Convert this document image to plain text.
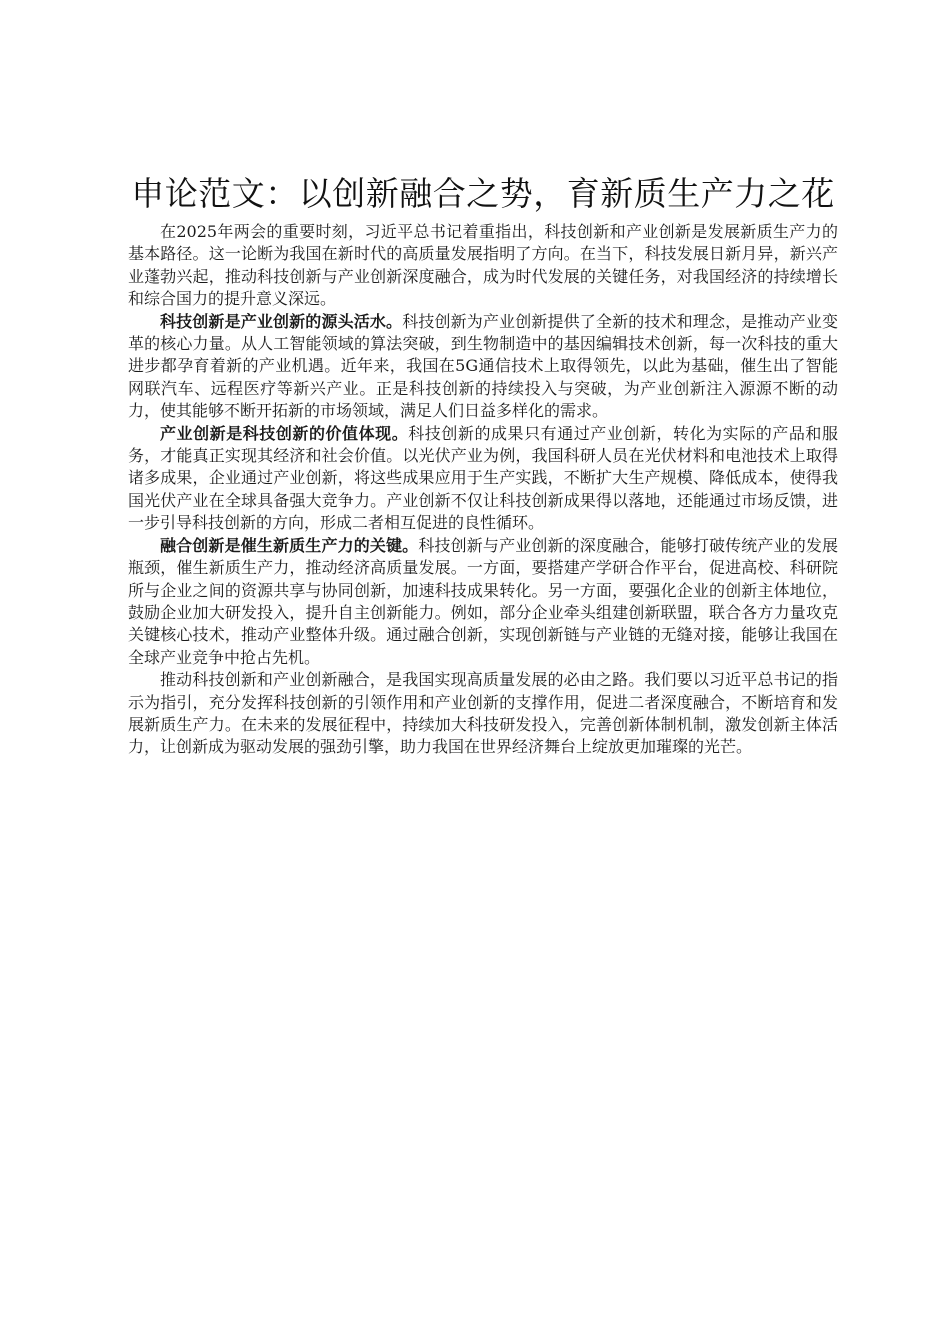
申论范文：以创新融合之势，育新质生产力之花

在2025年两会的重要时刻，习近平总书记着重指出，科技创新和产业创新是发展新质生产力的基本路径。这一论断为我国在新时代的高质量发展指明了方向。在当下，科技发展日新月异，新兴产业蓬勃兴起，推动科技创新与产业创新深度融合，成为时代发展的关键任务，对我国经济的持续增长和综合国力的提升意义深远。

科技创新是产业创新的源头活水。科技创新为产业创新提供了全新的技术和理念，是推动产业变革的核心力量。从人工智能领域的算法突破，到生物制造中的基因编辑技术创新，每一次科技的重大进步都孕育着新的产业机遇。近年来，我国在5G通信技术上取得领先，以此为基础，催生出了智能网联汽车、远程医疗等新兴产业。正是科技创新的持续投入与突破，为产业创新注入源源不断的动力，使其能够不断开拓新的市场领域，满足人们日益多样化的需求。

产业创新是科技创新的价值体现。科技创新的成果只有通过产业创新，转化为实际的产品和服务，才能真正实现其经济和社会价值。以光伏产业为例，我国科研人员在光伏材料和电池技术上取得诸多成果，企业通过产业创新，将这些成果应用于生产实践，不断扩大生产规模、降低成本，使得我国光伏产业在全球具备强大竞争力。产业创新不仅让科技创新成果得以落地，还能通过市场反馈，进一步引导科技创新的方向，形成二者相互促进的良性循环。

融合创新是催生新质生产力的关键。科技创新与产业创新的深度融合，能够打破传统产业的发展瓶颈，催生新质生产力，推动经济高质量发展。一方面，要搭建产学研合作平台，促进高校、科研院所与企业之间的资源共享与协同创新，加速科技成果转化。另一方面，要强化企业的创新主体地位，鼓励企业加大研发投入，提升自主创新能力。例如，部分企业牵头组建创新联盟，联合各方力量攻克关键核心技术，推动产业整体升级。通过融合创新，实现创新链与产业链的无缝对接，能够让我国在全球产业竞争中抢占先机。

推动科技创新和产业创新融合，是我国实现高质量发展的必由之路。我们要以习近平总书记的指示为指引，充分发挥科技创新的引领作用和产业创新的支撑作用，促进二者深度融合，不断培育和发展新质生产力。在未来的发展征程中，持续加大科技研发投入，完善创新体制机制，激发创新主体活力，让创新成为驱动发展的强劲引擎，助力我国在世界经济舞台上绽放更加璀璨的光芒。
